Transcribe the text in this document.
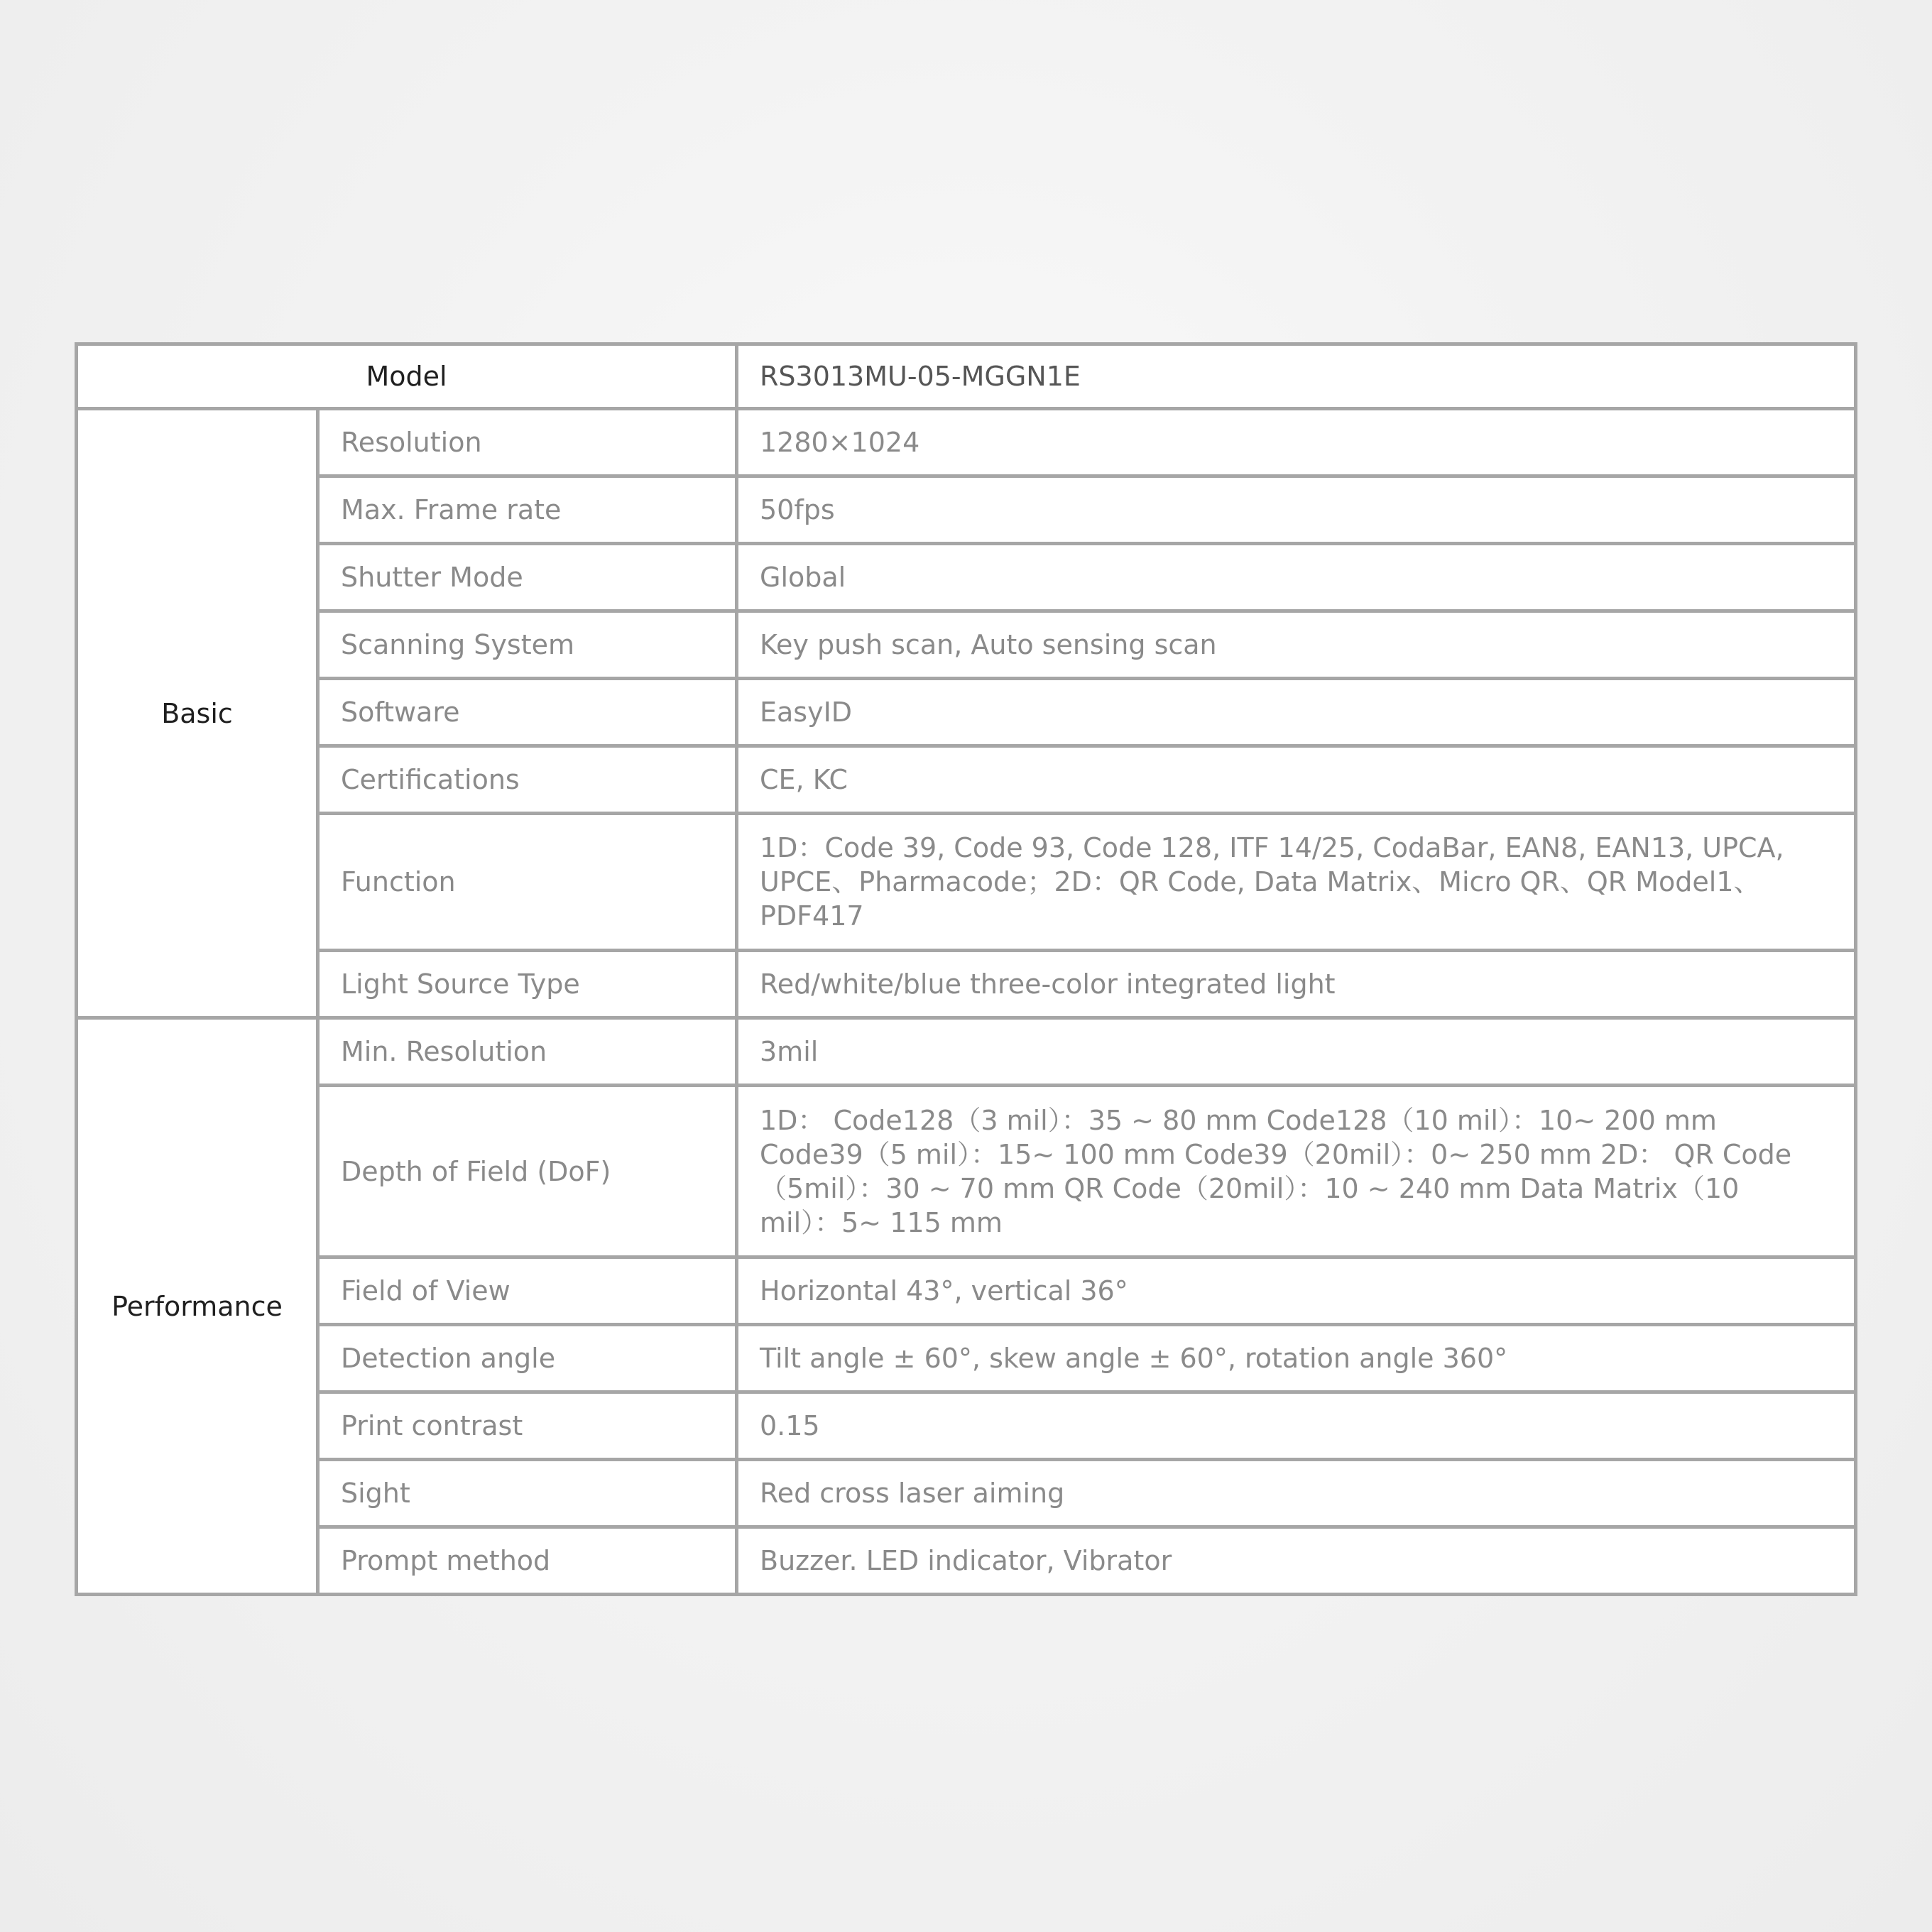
Model		RS3013MU-05-MGGN1E
Basic	Resolution	1280×1024
	Max. Frame rate	50fps
	Shutter Mode	Global
	Scanning System	Key push scan, Auto sensing scan
	Software	EasyID
	Certifications	CE, KC
	Function	1D：Code 39, Code 93, Code 128, ITF 14/25, CodaBar, EAN8, EAN13, UPCA, UPCE、Pharmacode；2D：QR Code, Data Matrix、Micro QR、QR Model1、PDF417
	Light Source Type	Red/white/blue three-color integrated light
Performance	Min. Resolution	3mil
	Depth of Field (DoF)	1D： Code128（3 mil）：35 ~ 80 mm Code128（10 mil）：10~ 200 mm Code39（5 mil）：15~ 100 mm Code39（20mil）：0~ 250 mm 2D： QR Code（5mil）：30 ~ 70 mm QR Code（20mil）：10 ~ 240 mm Data Matrix（10 mil）：5~ 115 mm
	Field of View	Horizontal 43°, vertical 36°
	Detection angle	Tilt angle ± 60°, skew angle ± 60°, rotation angle 360°
	Print contrast	0.15
	Sight	Red cross laser aiming
	Prompt method	Buzzer. LED indicator, Vibrator
